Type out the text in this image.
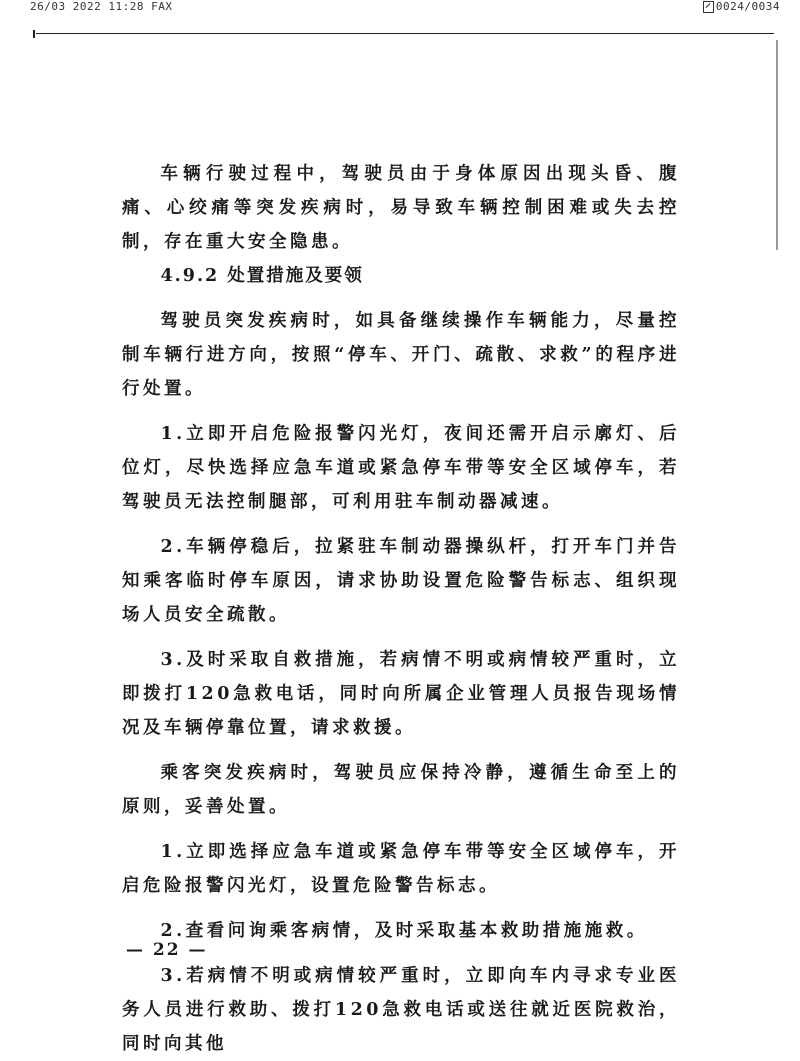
26/03 2022 11:28 FAX	0024/0034

车辆行驶过程中，驾驶员由于身体原因出现头昏、腹痛、心绞痛等突发疾病时，易导致车辆控制困难或失去控制，存在重大安全隐患。

4.9.2 处置措施及要领

驾驶员突发疾病时，如具备继续操作车辆能力，尽量控制车辆行进方向，按照“停车、开门、疏散、求救”的程序进行处置。

1.立即开启危险报警闪光灯，夜间还需开启示廓灯、后位灯，尽快选择应急车道或紧急停车带等安全区域停车，若驾驶员无法控制腿部，可利用驻车制动器减速。

2.车辆停稳后，拉紧驻车制动器操纵杆，打开车门并告知乘客临时停车原因，请求协助设置危险警告标志、组织现场人员安全疏散。

3.及时采取自救措施，若病情不明或病情较严重时，立即拨打120急救电话，同时向所属企业管理人员报告现场情况及车辆停靠位置，请求救援。

乘客突发疾病时，驾驶员应保持冷静，遵循生命至上的原则，妥善处置。

1.立即选择应急车道或紧急停车带等安全区域停车，开启危险报警闪光灯，设置危险警告标志。

2.查看问询乘客病情，及时采取基本救助措施施救。

3.若病情不明或病情较严重时，立即向车内寻求专业医务人员进行救助、拨打120急救电话或送往就近医院救治，同时向其他

— 22 —
